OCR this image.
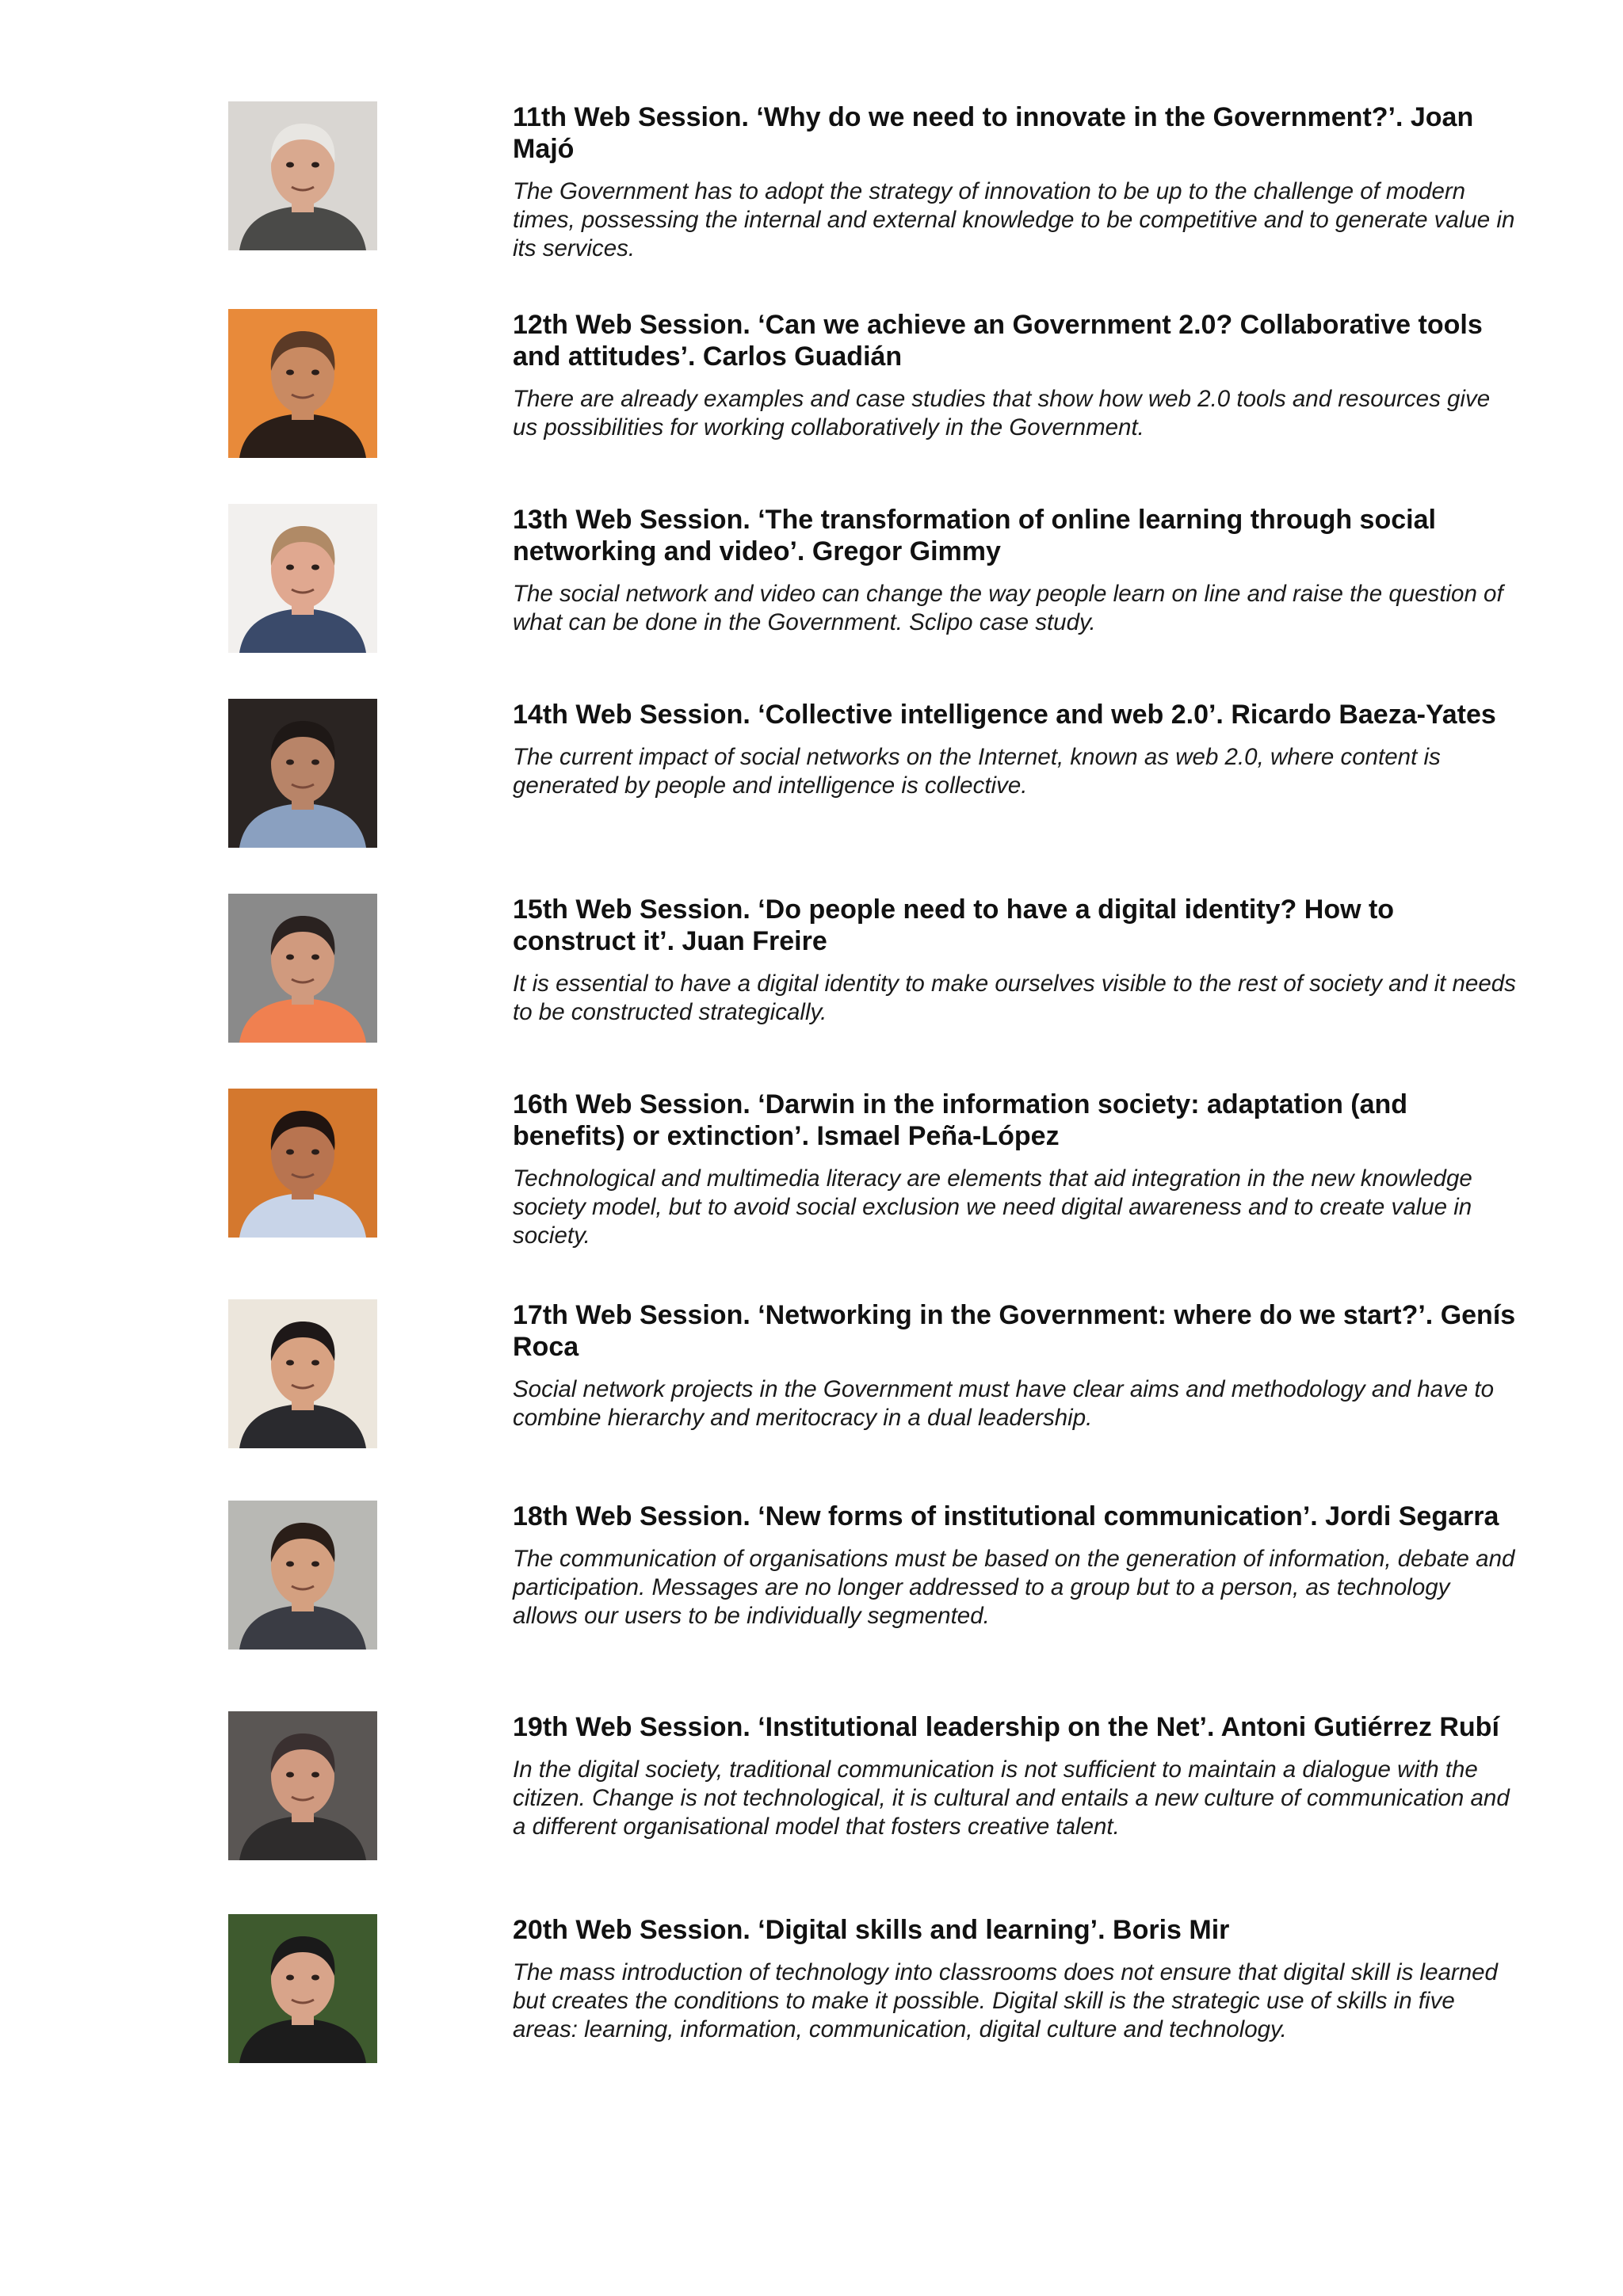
11th Web Session. ‘Why do we need to innovate in the Government?’. Joan Majó

The Government has to adopt the strategy of innovation to be up to the challenge of modern times, possessing the internal and external knowledge to be competitive and to generate value in its services.

12th Web Session. ‘Can we achieve an Government 2.0? Collaborative tools and attitudes’. Carlos Guadián

There are already examples and case studies that show how web 2.0 tools and resources give us possibilities for working collaboratively in the Government.

13th Web Session. ‘The transformation of online learning through social networking and video’. Gregor Gimmy

The social network and video can change the way people learn on line and raise the question of what can be done in the Government. Sclipo case study.

14th Web Session. ‘Collective intelligence and web 2.0’. Ricardo Baeza-Yates

The current impact of social networks on the Internet, known as web 2.0, where content is generated by people and intelligence is collective.

15th Web Session. ‘Do people need to have a digital identity? How to construct it’. Juan Freire

It is essential to have a digital identity to make ourselves visible to the rest of society and it needs to be constructed strategically.

16th Web Session. ‘Darwin in the information society: adaptation (and benefits) or extinction’. Ismael Peña-López

Technological and multimedia literacy are elements that aid integration in the new knowledge society model, but to avoid social exclusion we need digital awareness and to create value in society.

17th Web Session. ‘Networking in the Government: where do we start?’. Genís Roca

Social network projects in the Government must have clear aims and methodology and have to combine hierarchy and meritocracy in a dual leadership.

18th Web Session. ‘New forms of institutional communication’. Jordi Segarra

The communication of organisations must be based on the generation of information, debate and participation. Messages are no longer addressed to a group but to a person, as technology allows our users to be individually segmented.

19th Web Session. ‘Institutional leadership on the Net’. Antoni Gutiérrez Rubí

In the digital society, traditional communication is not sufficient to maintain a dialogue with the citizen. Change is not technological, it is cultural and entails a new culture of communication and a different organisational model that fosters creative talent.

20th Web Session. ‘Digital skills and learning’. Boris Mir

The mass introduction of technology into classrooms does not ensure that digital skill is learned but creates the conditions to make it possible. Digital skill is the strategic use of skills in five areas: learning, information, communication, digital culture and technology.
